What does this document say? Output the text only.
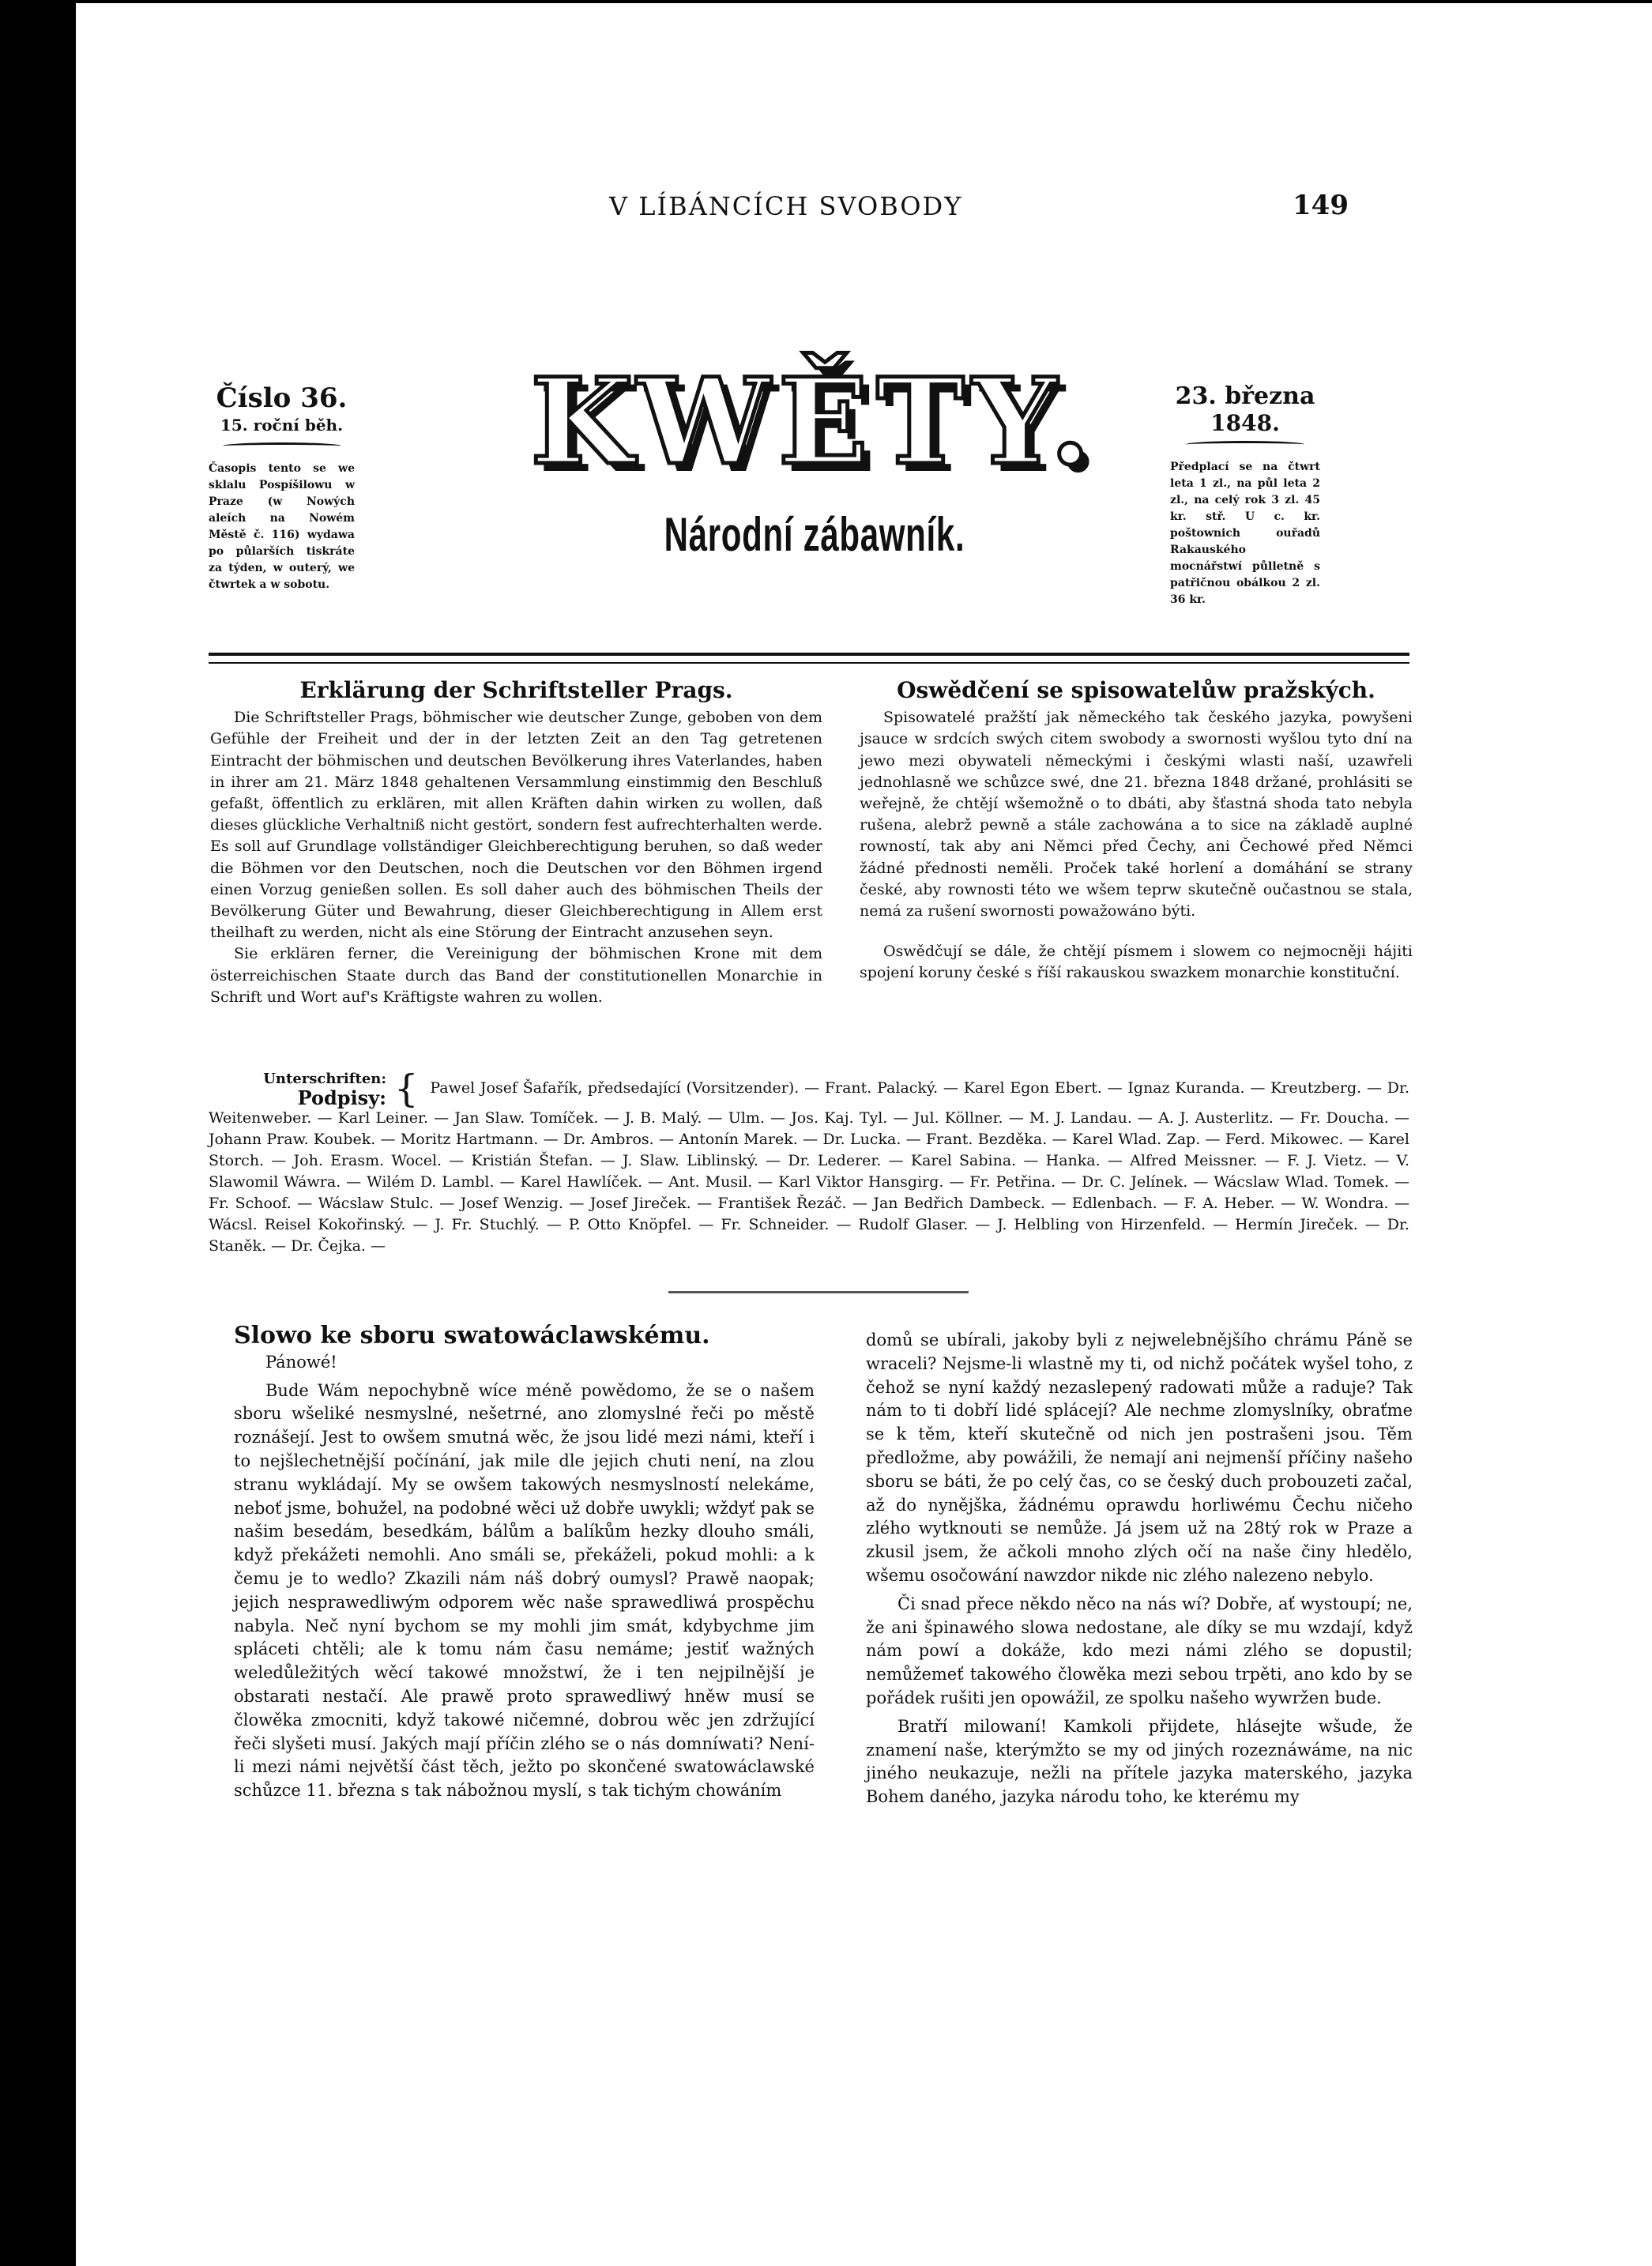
V LÍBÁNCÍCH SVOBODY	149
Číslo 36.
15. roční běh.
Časopis tento se we sklalu Pospíšilowu w Praze (w Nowých aleích na Nowém Městě č. 116) wydawa po půlarších tiskráte za týden, w outerý, we čtwrtek a w sobotu.
KWĚTY.
Národní zábawník.
23. března
1848.
Předplací se na čtwrt leta 1 zl., na půl leta 2 zl., na celý rok 3 zl. 45 kr. stř. U c. kr. poštownich ouřadů Rakauského mocnářstwí půlletně s patřičnou obálkou 2 zl. 36 kr.
Erklärung der Schriftsteller Prags.

Die Schriftsteller Prags, böhmischer wie deutscher Zunge, geboben von dem Gefühle der Freiheit und der in der letzten Zeit an den Tag getretenen Eintracht der böhmischen und deutschen Bevölkerung ihres Vaterlandes, haben in ihrer am 21. März 1848 gehaltenen Versammlung einstimmig den Beschluß gefaßt, öffentlich zu erklären, mit allen Kräften dahin wirken zu wollen, daß dieses glückliche Verhaltniß nicht gestört, sondern fest aufrechterhalten werde. Es soll auf Grundlage vollständiger Gleichberechtigung beruhen, so daß weder die Böhmen vor den Deutschen, noch die Deutschen vor den Böhmen irgend einen Vorzug genießen sollen. Es soll daher auch des böhmischen Theils der Bevölkerung Güter und Bewahrung, dieser Gleichberechtigung in Allem erst theilhaft zu werden, nicht als eine Störung der Eintracht anzusehen seyn.

Sie erklären ferner, die Vereinigung der böhmischen Krone mit dem österreichischen Staate durch das Band der constitutionellen Monarchie in Schrift und Wort auf's Kräftigste wahren zu wollen.

Oswědčení se spisowatelůw pražských.

Spisowatelé pražští jak německého tak českého jazyka, powyšeni jsauce w srdcích swých citem swobody a swornosti wyšlou tyto dní na jewo mezi obywateli německými i českými wlasti naší, uzawřeli jednohlasně we schůzce swé, dne 21. března 1848 držané, prohlásiti se weřejně, že chtějí wšemožně o to dbáti, aby šťastná shoda tato nebyla rušena, alebrž pewně a stále zachowána a to sice na základě auplné rowností, tak aby ani Němci před Čechy, ani Čechowé před Němci žádné přednosti neměli. Proček také horlení a domáhání se strany české, aby rownosti této we wšem teprw skutečně oučastnou se stala, nemá za rušení swornosti powažowáno býti.

Oswědčují se dále, že chtějí písmem i slowem co nejmocněji hájiti spojení koruny české s říší rakauskou swazkem monarchie konstituční.

Unterschriften:
Podpisy: { Pawel Josef Šafařík, předsedající (Vorsitzender). — Frant. Palacký. — Karel Egon Ebert. — Ignaz Kuranda. — Kreutzberg. — Dr. Weitenweber. — Karl Leiner. — Jan Slaw. Tomíček. — J. B. Malý. — Ulm. — Jos. Kaj. Tyl. — Jul. Köllner. — M. J. Landau. — A. J. Austerlitz. — Fr. Doucha. — Johann Praw. Koubek. — Moritz Hartmann. — Dr. Ambros. — Antonín Marek. — Dr. Lucka. — Frant. Bezděka. — Karel Wlad. Zap. — Ferd. Mikowec. — Karel Storch. — Joh. Erasm. Wocel. — Kristián Štefan. — J. Slaw. Liblinský. — Dr. Lederer. — Karel Sabina. — Hanka. — Alfred Meissner. — F. J. Vietz. — V. Slawomil Wáwra. — Wilém D. Lambl. — Karel Hawlíček. — Ant. Musil. — Karl Viktor Hansgirg. — Fr. Petřina. — Dr. C. Jelínek. — Wácslaw Wlad. Tomek. — Fr. Schoof. — Wácslaw Stulc. — Josef Wenzig. — Josef Jireček. — František Řezáč. — Jan Bedřich Dambeck. — Edlenbach. — F. A. Heber. — W. Wondra. — Wácsl. Reisel Kokořinský. — J. Fr. Stuchlý. — P. Otto Knöpfel. — Fr. Schneider. — Rudolf Glaser. — J. Helbling von Hirzenfeld. — Hermín Jireček. — Dr. Staněk. — Dr. Čejka. —
Slowo ke sboru swatowáclawskému.

Pánowé!

Bude Wám nepochybně wíce méně powědomo, že se o našem sboru wšeliké nesmyslné, nešetrné, ano zlomyslné řeči po městě roznášejí. Jest to owšem smutná wěc, že jsou lidé mezi námi, kteří i to nejšlechetnější počínání, jak mile dle jejich chuti není, na zlou stranu wykládají. My se owšem takowých nesmyslností nelekáme, neboť jsme, bohužel, na podobné wěci už dobře uwykli; wždyť pak se našim besedám, besedkám, bálům a balíkům hezky dlouho smáli, když překážeti nemohli. Ano smáli se, překáželi, pokud mohli: a k čemu je to wedlo? Zkazili nám náš dobrý oumysl? Prawě naopak; jejich nesprawedliwým odporem wěc naše sprawedliwá prospěchu nabyla. Neč nyní bychom se my mohli jim smát, kdybychme jim spláceti chtěli; ale k tomu nám času nemáme; jestiť wažných weledůležitých wěcí takowé množstwí, že i ten nejpilnější je obstarati nestačí. Ale prawě proto sprawedliwý hněw musí se člowěka zmocniti, když takowé ničemné, dobrou wěc jen zdržující řeči slyšeti musí. Jakých mají příčin zlého se o nás domníwati? Není-li mezi námi největší část těch, ježto po skončené swatowáclawské schůzce 11. března s tak nábožnou myslí, s tak tichým chowáním

domů se ubírali, jakoby byli z nejwelebnějšího chrámu Páně se wraceli? Nejsme-li wlastně my ti, od nichž počátek wyšel toho, z čehož se nyní každý nezaslepený radowati může a raduje? Tak nám to ti dobří lidé splácejí? Ale nechme zlomyslníky, obraťme se k těm, kteří skutečně od nich jen postrašeni jsou. Těm předložme, aby powážili, že nemají ani nejmenší příčiny našeho sboru se báti, že po celý čas, co se český duch probouzeti začal, až do nynějška, žádnému oprawdu horliwému Čechu ničeho zlého wytknouti se nemůže. Já jsem už na 28tý rok w Praze a zkusil jsem, že ačkoli mnoho zlých očí na naše činy hledělo, wšemu osočowání nawzdor nikde nic zlého nalezeno nebylo.

Či snad přece někdo něco na nás wí? Dobře, ať wystoupí; ne, že ani špinawého slowa nedostane, ale díky se mu wzdají, když nám powí a dokáže, kdo mezi námi zlého se dopustil; nemůžemeť takowého člowěka mezi sebou trpěti, ano kdo by se pořádek rušiti jen opowážil, ze spolku našeho wywržen bude.

Bratří milowaní! Kamkoli přijdete, hlásejte wšude, že znamení naše, kterýmžto se my od jiných rozeznáwáme, na nic jiného neukazuje, nežli na přítele jazyka materského, jazyka Bohem daného, jazyka národu toho, ke kterému my
